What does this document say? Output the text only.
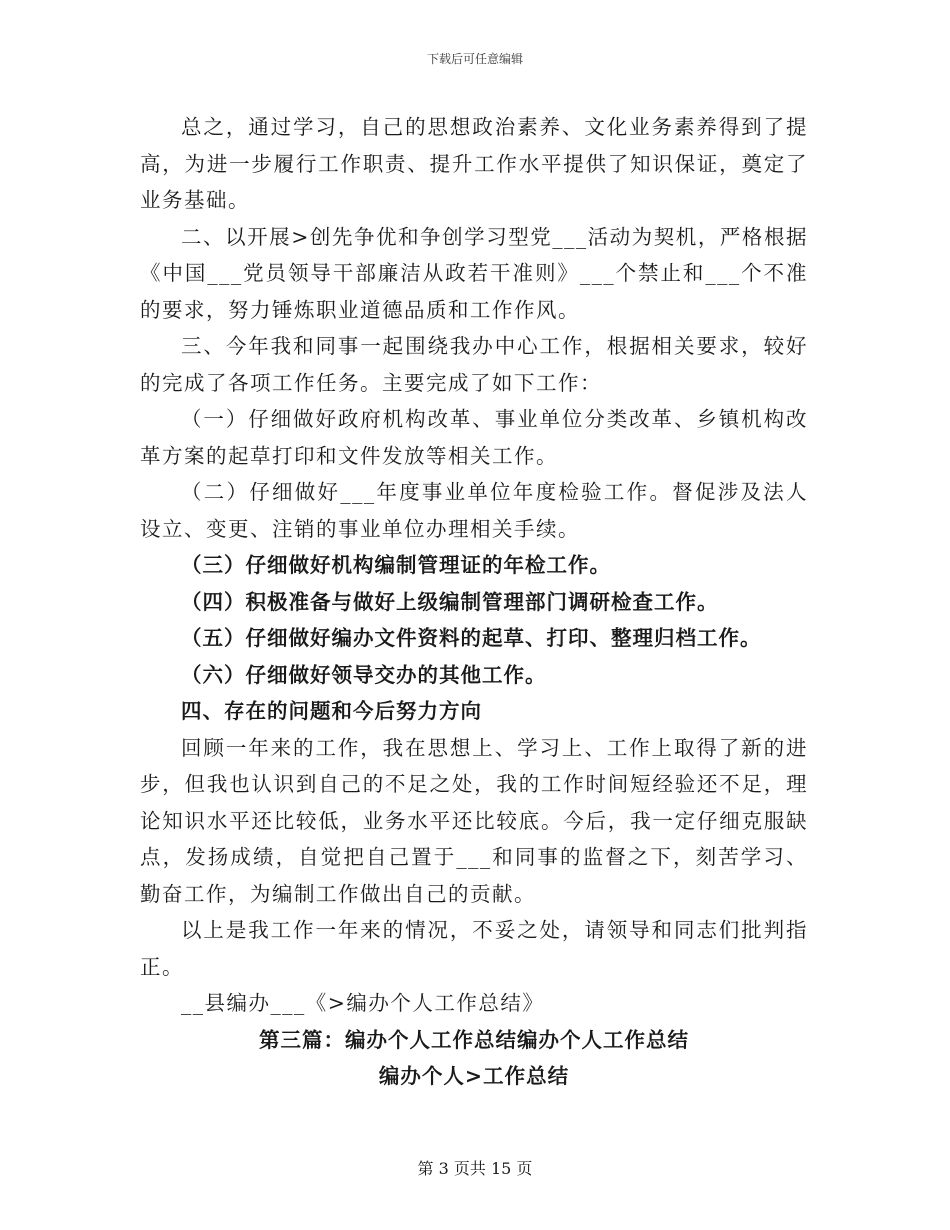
下载后可任意编辑

总之，通过学习，自己的思想政治素养、文化业务素养得到了提高，为进一步履行工作职责、提升工作水平提供了知识保证，奠定了业务基础。

二、以开展>创先争优和争创学习型党___活动为契机，严格根据《中国___党员领导干部廉洁从政若干准则》___个禁止和___个不准的要求，努力锤炼职业道德品质和工作作风。

三、今年我和同事一起围绕我办中心工作，根据相关要求，较好的完成了各项工作任务。主要完成了如下工作：

（一）仔细做好政府机构改革、事业单位分类改革、乡镇机构改革方案的起草打印和文件发放等相关工作。

（二）仔细做好___年度事业单位年度检验工作。督促涉及法人设立、变更、注销的事业单位办理相关手续。

（三）仔细做好机构编制管理证的年检工作。

（四）积极准备与做好上级编制管理部门调研检查工作。

（五）仔细做好编办文件资料的起草、打印、整理归档工作。

（六）仔细做好领导交办的其他工作。

四、存在的问题和今后努力方向

回顾一年来的工作，我在思想上、学习上、工作上取得了新的进步，但我也认识到自己的不足之处，我的工作时间短经验还不足，理论知识水平还比较低，业务水平还比较底。今后，我一定仔细克服缺点，发扬成绩，自觉把自己置于___和同事的监督之下，刻苦学习、勤奋工作，为编制工作做出自己的贡献。

以上是我工作一年来的情况，不妥之处，请领导和同志们批判指正。

__县编办___《>编办个人工作总结》

第三篇：编办个人工作总结编办个人工作总结

编办个人>工作总结

第 3 页共 15 页
